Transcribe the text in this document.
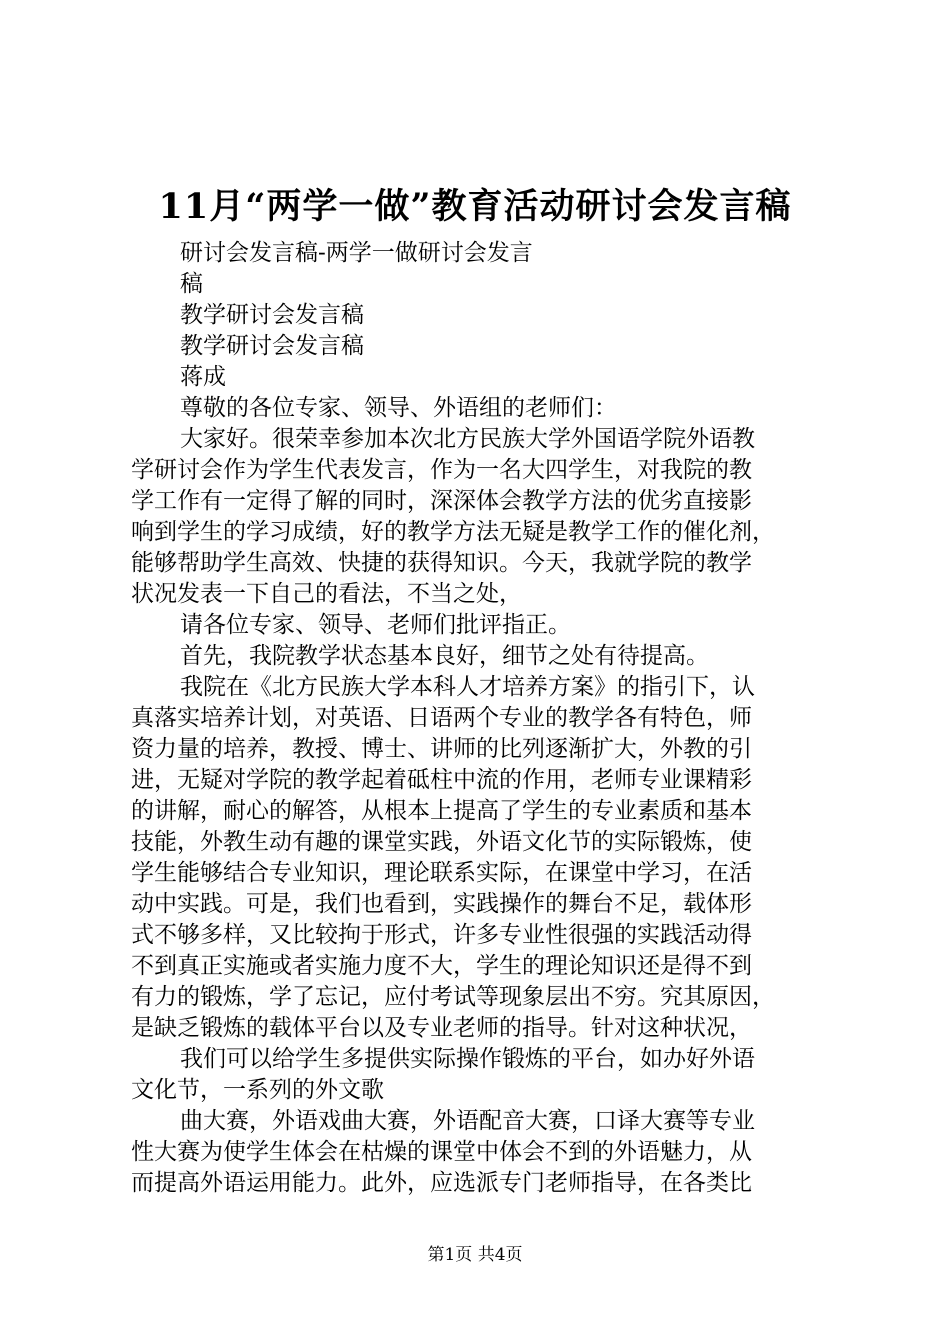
11月“两学一做”教育活动研讨会发言稿
研讨会发言稿-两学一做研讨会发言
稿
教学研讨会发言稿
教学研讨会发言稿
蒋成
尊敬的各位专家、领导、外语组的老师们：
大家好。很荣幸参加本次北方民族大学外国语学院外语教
学研讨会作为学生代表发言，作为一名大四学生，对我院的教
学工作有一定得了解的同时，深深体会教学方法的优劣直接影
响到学生的学习成绩，好的教学方法无疑是教学工作的催化剂，
能够帮助学生高效、快捷的获得知识。今天，我就学院的教学
状况发表一下自己的看法，不当之处，
请各位专家、领导、老师们批评指正。
首先，我院教学状态基本良好，细节之处有待提高。
我院在《北方民族大学本科人才培养方案》的指引下，认
真落实培养计划，对英语、日语两个专业的教学各有特色，师
资力量的培养，教授、博士、讲师的比列逐渐扩大，外教的引
进，无疑对学院的教学起着砥柱中流的作用，老师专业课精彩
的讲解，耐心的解答，从根本上提高了学生的专业素质和基本
技能，外教生动有趣的课堂实践，外语文化节的实际锻炼，使
学生能够结合专业知识，理论联系实际，在课堂中学习，在活
动中实践。可是，我们也看到，实践操作的舞台不足，载体形
式不够多样，又比较拘于形式，许多专业性很强的实践活动得
不到真正实施或者实施力度不大，学生的理论知识还是得不到
有力的锻炼，学了忘记，应付考试等现象层出不穷。究其原因，
是缺乏锻炼的载体平台以及专业老师的指导。针对这种状况，
我们可以给学生多提供实际操作锻炼的平台，如办好外语
文化节，一系列的外文歌
曲大赛，外语戏曲大赛，外语配音大赛，口译大赛等专业
性大赛为使学生体会在枯燥的课堂中体会不到的外语魅力，从
而提高外语运用能力。此外，应选派专门老师指导，在各类比
第1页 共4页
